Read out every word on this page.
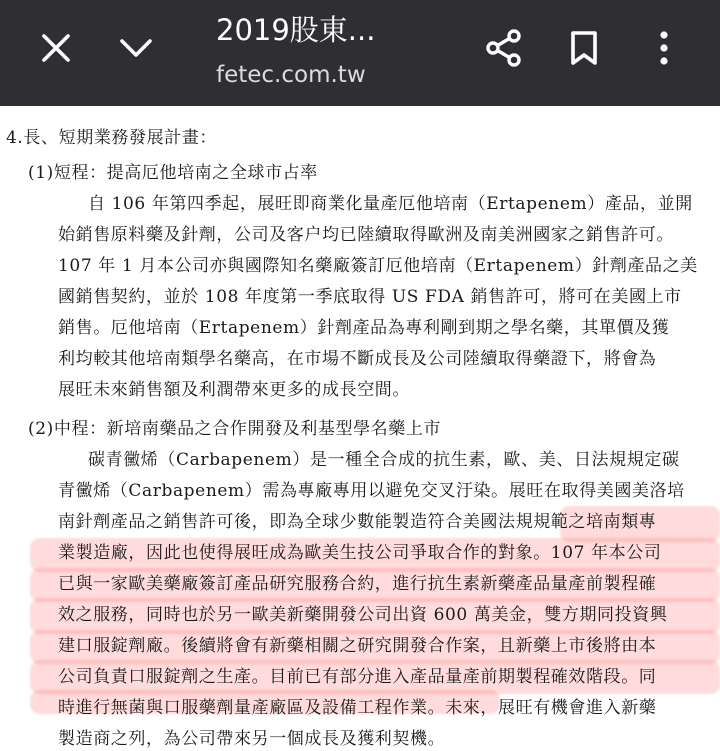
2019股東...
fetec.com.tw
4.長、短期業務發展計畫：
(1)短程：提高厄他培南之全球市占率
自 106 年第四季起，展旺即商業化量產厄他培南（Ertapenem）產品，並開
始銷售原料藥及針劑，公司及客户均已陸續取得歐洲及南美洲國家之銷售許可。
107 年 1 月本公司亦與國際知名藥廠簽訂厄他培南（Ertapenem）針劑產品之美
國銷售契約，並於 108 年度第一季底取得 US FDA 銷售許可，將可在美國上市
銷售。厄他培南（Ertapenem）針劑產品為專利剛到期之學名藥，其單價及獲
利均較其他培南類學名藥高，在市場不斷成長及公司陸續取得藥證下，將會為
展旺未來銷售額及利潤帶來更多的成長空間。
(2)中程：新培南藥品之合作開發及利基型學名藥上市
碳青黴烯（Carbapenem）是一種全合成的抗生素，歐、美、日法規規定碳
青黴烯（Carbapenem）需為專廠專用以避免交叉汙染。展旺在取得美國美洛培
南針劑產品之銷售許可後，即為全球少數能製造符合美國法規規範之培南類專
業製造廠，因此也使得展旺成為歐美生技公司爭取合作的對象。107 年本公司
已與一家歐美藥廠簽訂產品研究服務合約，進行抗生素新藥產品量產前製程確
效之服務，同時也於另一歐美新藥開發公司出資 600 萬美金，雙方期同投資興
建口服錠劑廠。後續將會有新藥相關之研究開發合作案，且新藥上市後將由本
公司負責口服錠劑之生產。目前已有部分進入產品量產前期製程確效階段。同
時進行無菌與口服藥劑量產廠區及設備工程作業。未來，展旺有機會進入新藥
製造商之列，為公司帶來另一個成長及獲利契機。
